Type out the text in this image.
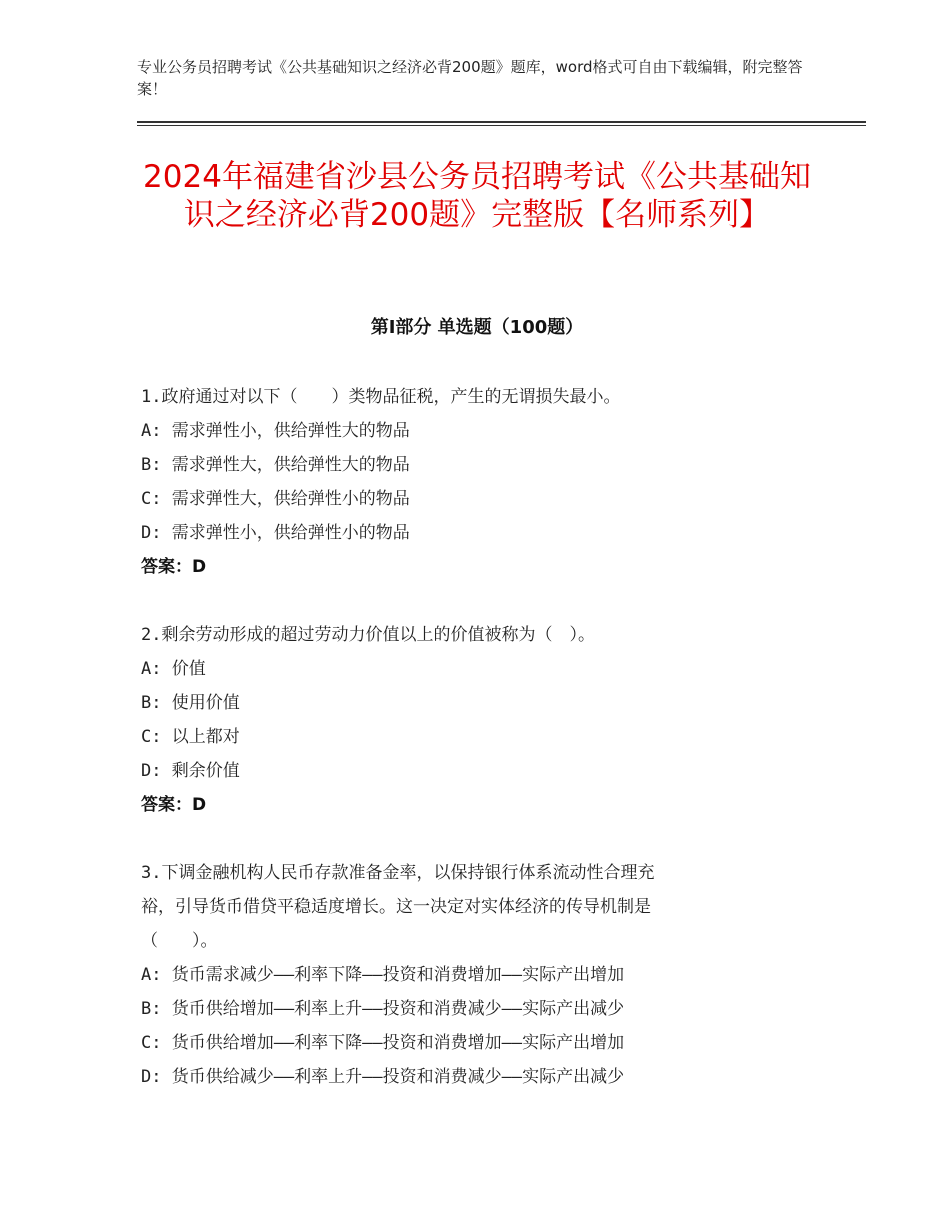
专业公务员招聘考试《公共基础知识之经济必背200题》题库，word格式可自由下载编辑，附完整答案！
2024年福建省沙县公务员招聘考试《公共基础知识之经济必背200题》完整版【名师系列】
第Ⅰ部分 单选题（100题）
1.政府通过对以下（　　）类物品征税，产生的无谓损失最小。
A: 需求弹性小，供给弹性大的物品
B: 需求弹性大，供给弹性大的物品
C: 需求弹性大，供给弹性小的物品
D: 需求弹性小，供给弹性小的物品
答案：D
2.剩余劳动形成的超过劳动力价值以上的价值被称为（　）。
A: 价值
B: 使用价值
C: 以上都对
D: 剩余价值
答案：D
3.下调金融机构人民币存款准备金率，以保持银行体系流动性合理充
裕，引导货币借贷平稳适度增长。这一决定对实体经济的传导机制是
（　　）。
A: 货币需求减少——利率下降——投资和消费增加——实际产出增加
B: 货币供给增加——利率上升——投资和消费减少——实际产出减少
C: 货币供给增加——利率下降——投资和消费增加——实际产出增加
D: 货币供给减少——利率上升——投资和消费减少——实际产出减少
